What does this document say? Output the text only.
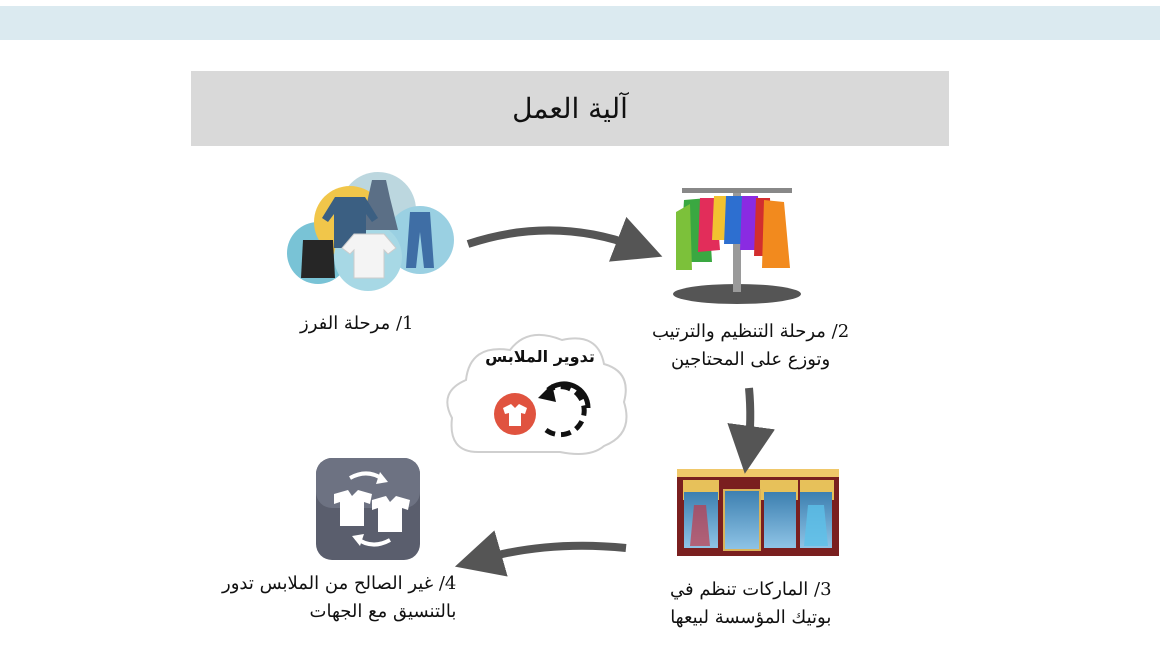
آلية العمل
تدوير الملابس
1/ مرحلة الفرز	2/ مرحلة التنظيم والترتيب
وتوزع على المحتاجين
3/ الماركات تنظم في
بوتيك المؤسسة لبيعها
4/ غير الصالح من الملابس تدور
بالتنسيق مع الجهات
